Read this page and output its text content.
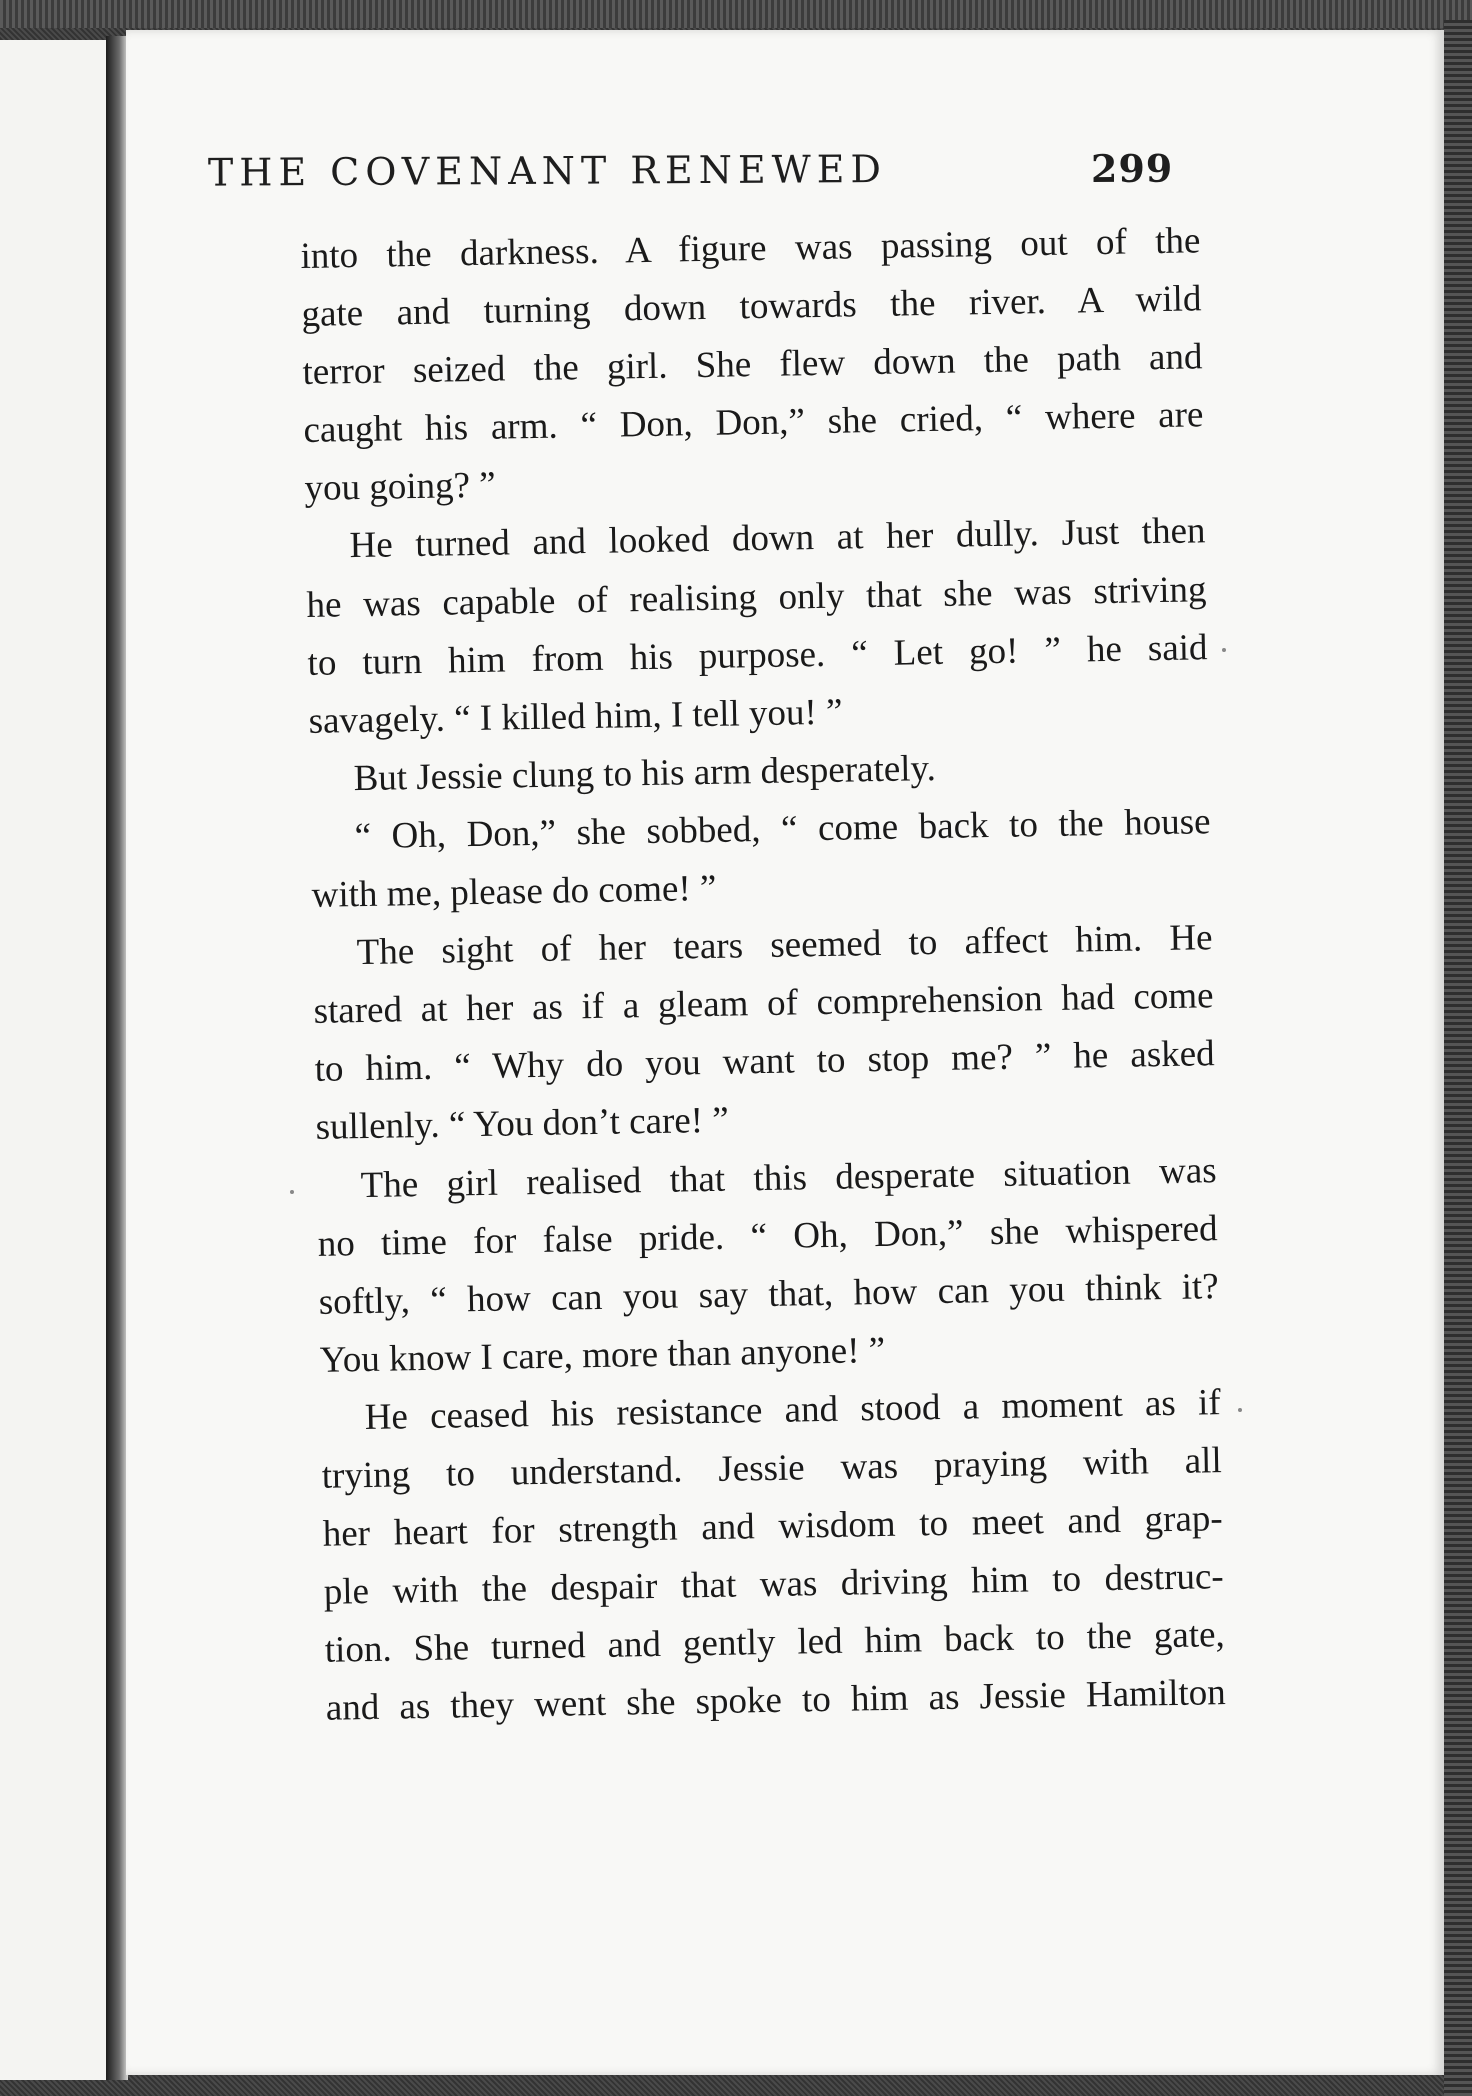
THE COVENANT RENEWED	299
into the darkness. A figure was passing out of the
gate and turning down towards the river. A wild
terror seized the girl. She flew down the path and
caught his arm. “ Don, Don,” she cried, “ where are
you going? ”
He turned and looked down at her dully. Just then
he was capable of realising only that she was striving
to turn him from his purpose. “ Let go! ” he said
savagely. “ I killed him, I tell you! ”
But Jessie clung to his arm desperately.
“ Oh, Don,” she sobbed, “ come back to the house
with me, please do come! ”
The sight of her tears seemed to affect him. He
stared at her as if a gleam of comprehension had come
to him. “ Why do you want to stop me? ” he asked
sullenly. “ You don’t care! ”
The girl realised that this desperate situation was
no time for false pride. “ Oh, Don,” she whispered
softly, “ how can you say that, how can you think it?
You know I care, more than anyone! ”
He ceased his resistance and stood a moment as if
trying to understand. Jessie was praying with all
her heart for strength and wisdom to meet and grap-
ple with the despair that was driving him to destruc-
tion. She turned and gently led him back to the gate,
and as they went she spoke to him as Jessie Hamilton
